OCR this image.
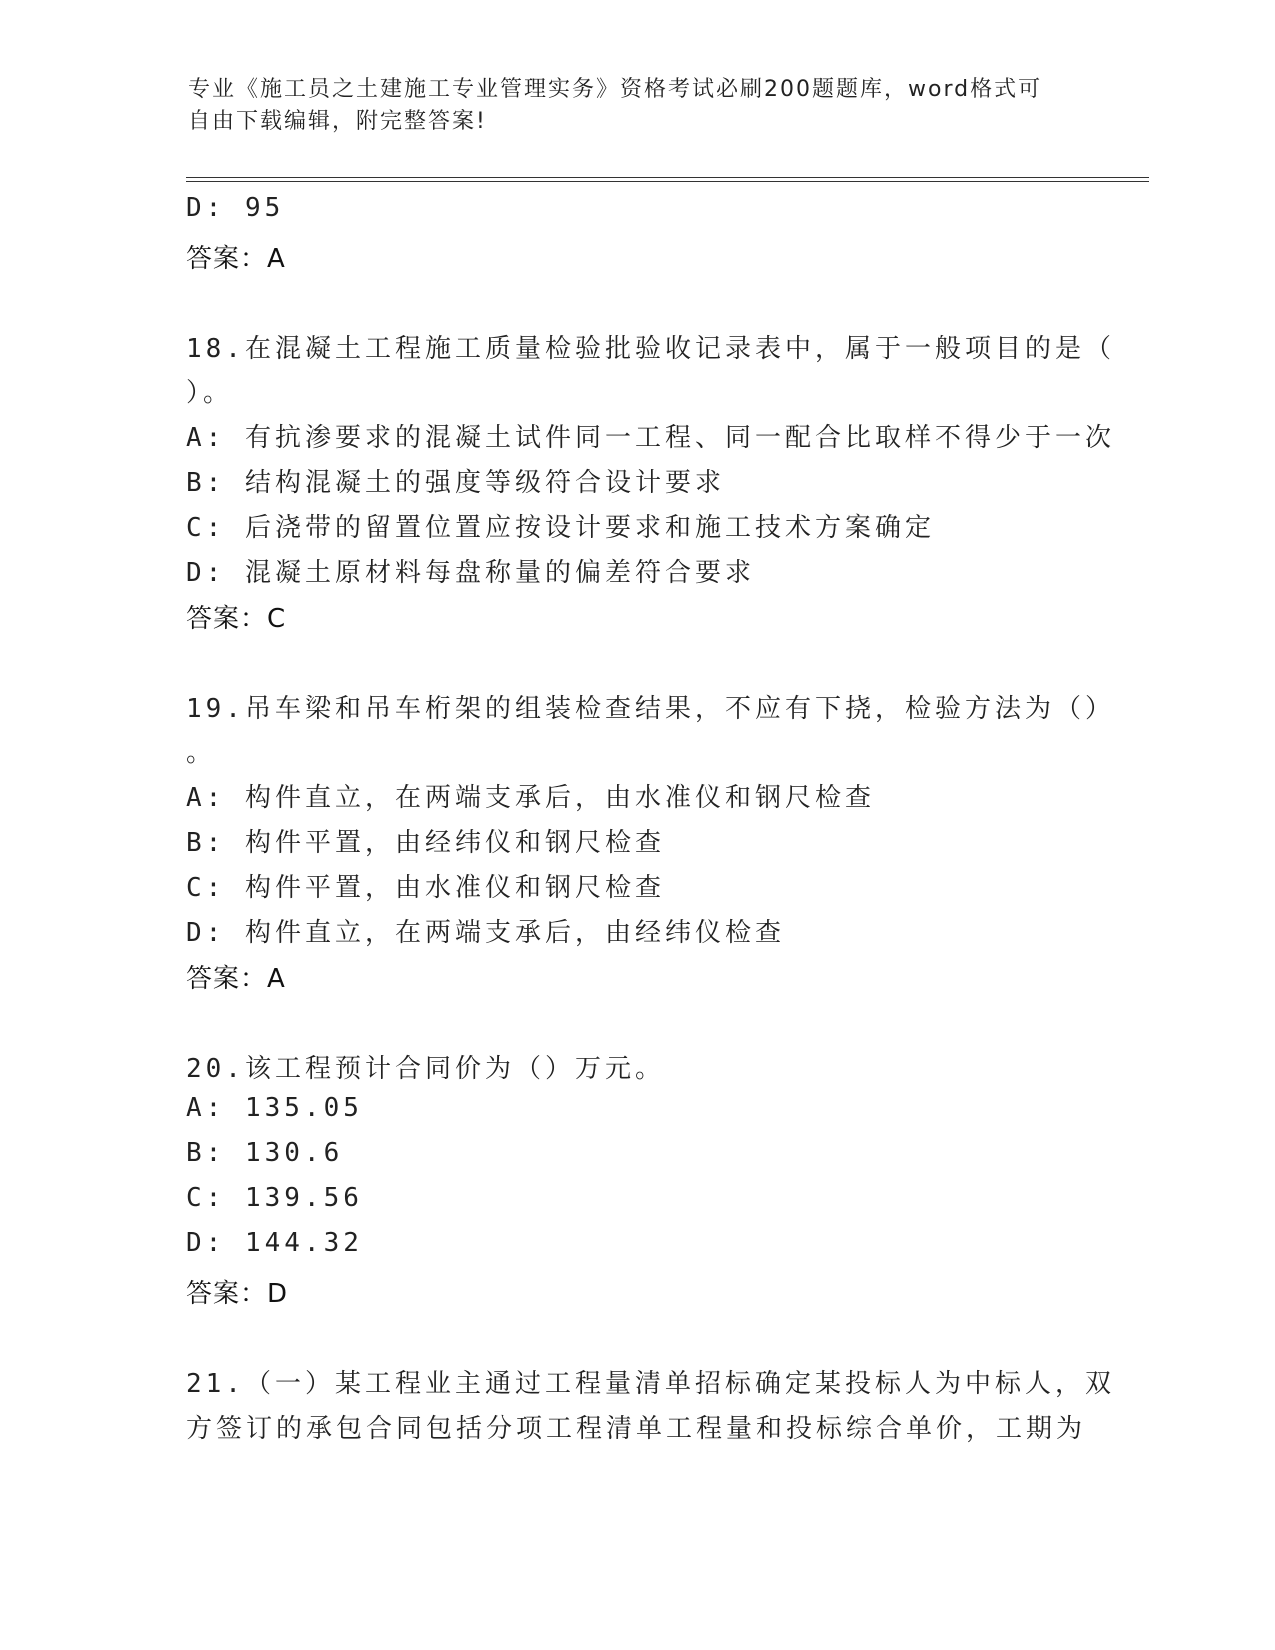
专业《施工员之土建施工专业管理实务》资格考试必刷200题题库，word格式可
自由下载编辑，附完整答案!
D: 95
答案：A
18.在混凝土工程施工质量检验批验收记录表中，属于一般项目的是（
）。
A: 有抗渗要求的混凝土试件同一工程、同一配合比取样不得少于一次
B: 结构混凝土的强度等级符合设计要求
C: 后浇带的留置位置应按设计要求和施工技术方案确定
D: 混凝土原材料每盘称量的偏差符合要求
答案：C
19.吊车梁和吊车桁架的组装检查结果，不应有下挠，检验方法为（）
。
A: 构件直立，在两端支承后，由水准仪和钢尺检查
B: 构件平置，由经纬仪和钢尺检查
C: 构件平置，由水准仪和钢尺检查
D: 构件直立，在两端支承后，由经纬仪检查
答案：A
20.该工程预计合同价为（）万元。
A: 135.05
B: 130.6
C: 139.56
D: 144.32
答案：D
21.（一）某工程业主通过工程量清单招标确定某投标人为中标人，双
方签订的承包合同包括分项工程清单工程量和投标综合单价，工期为
